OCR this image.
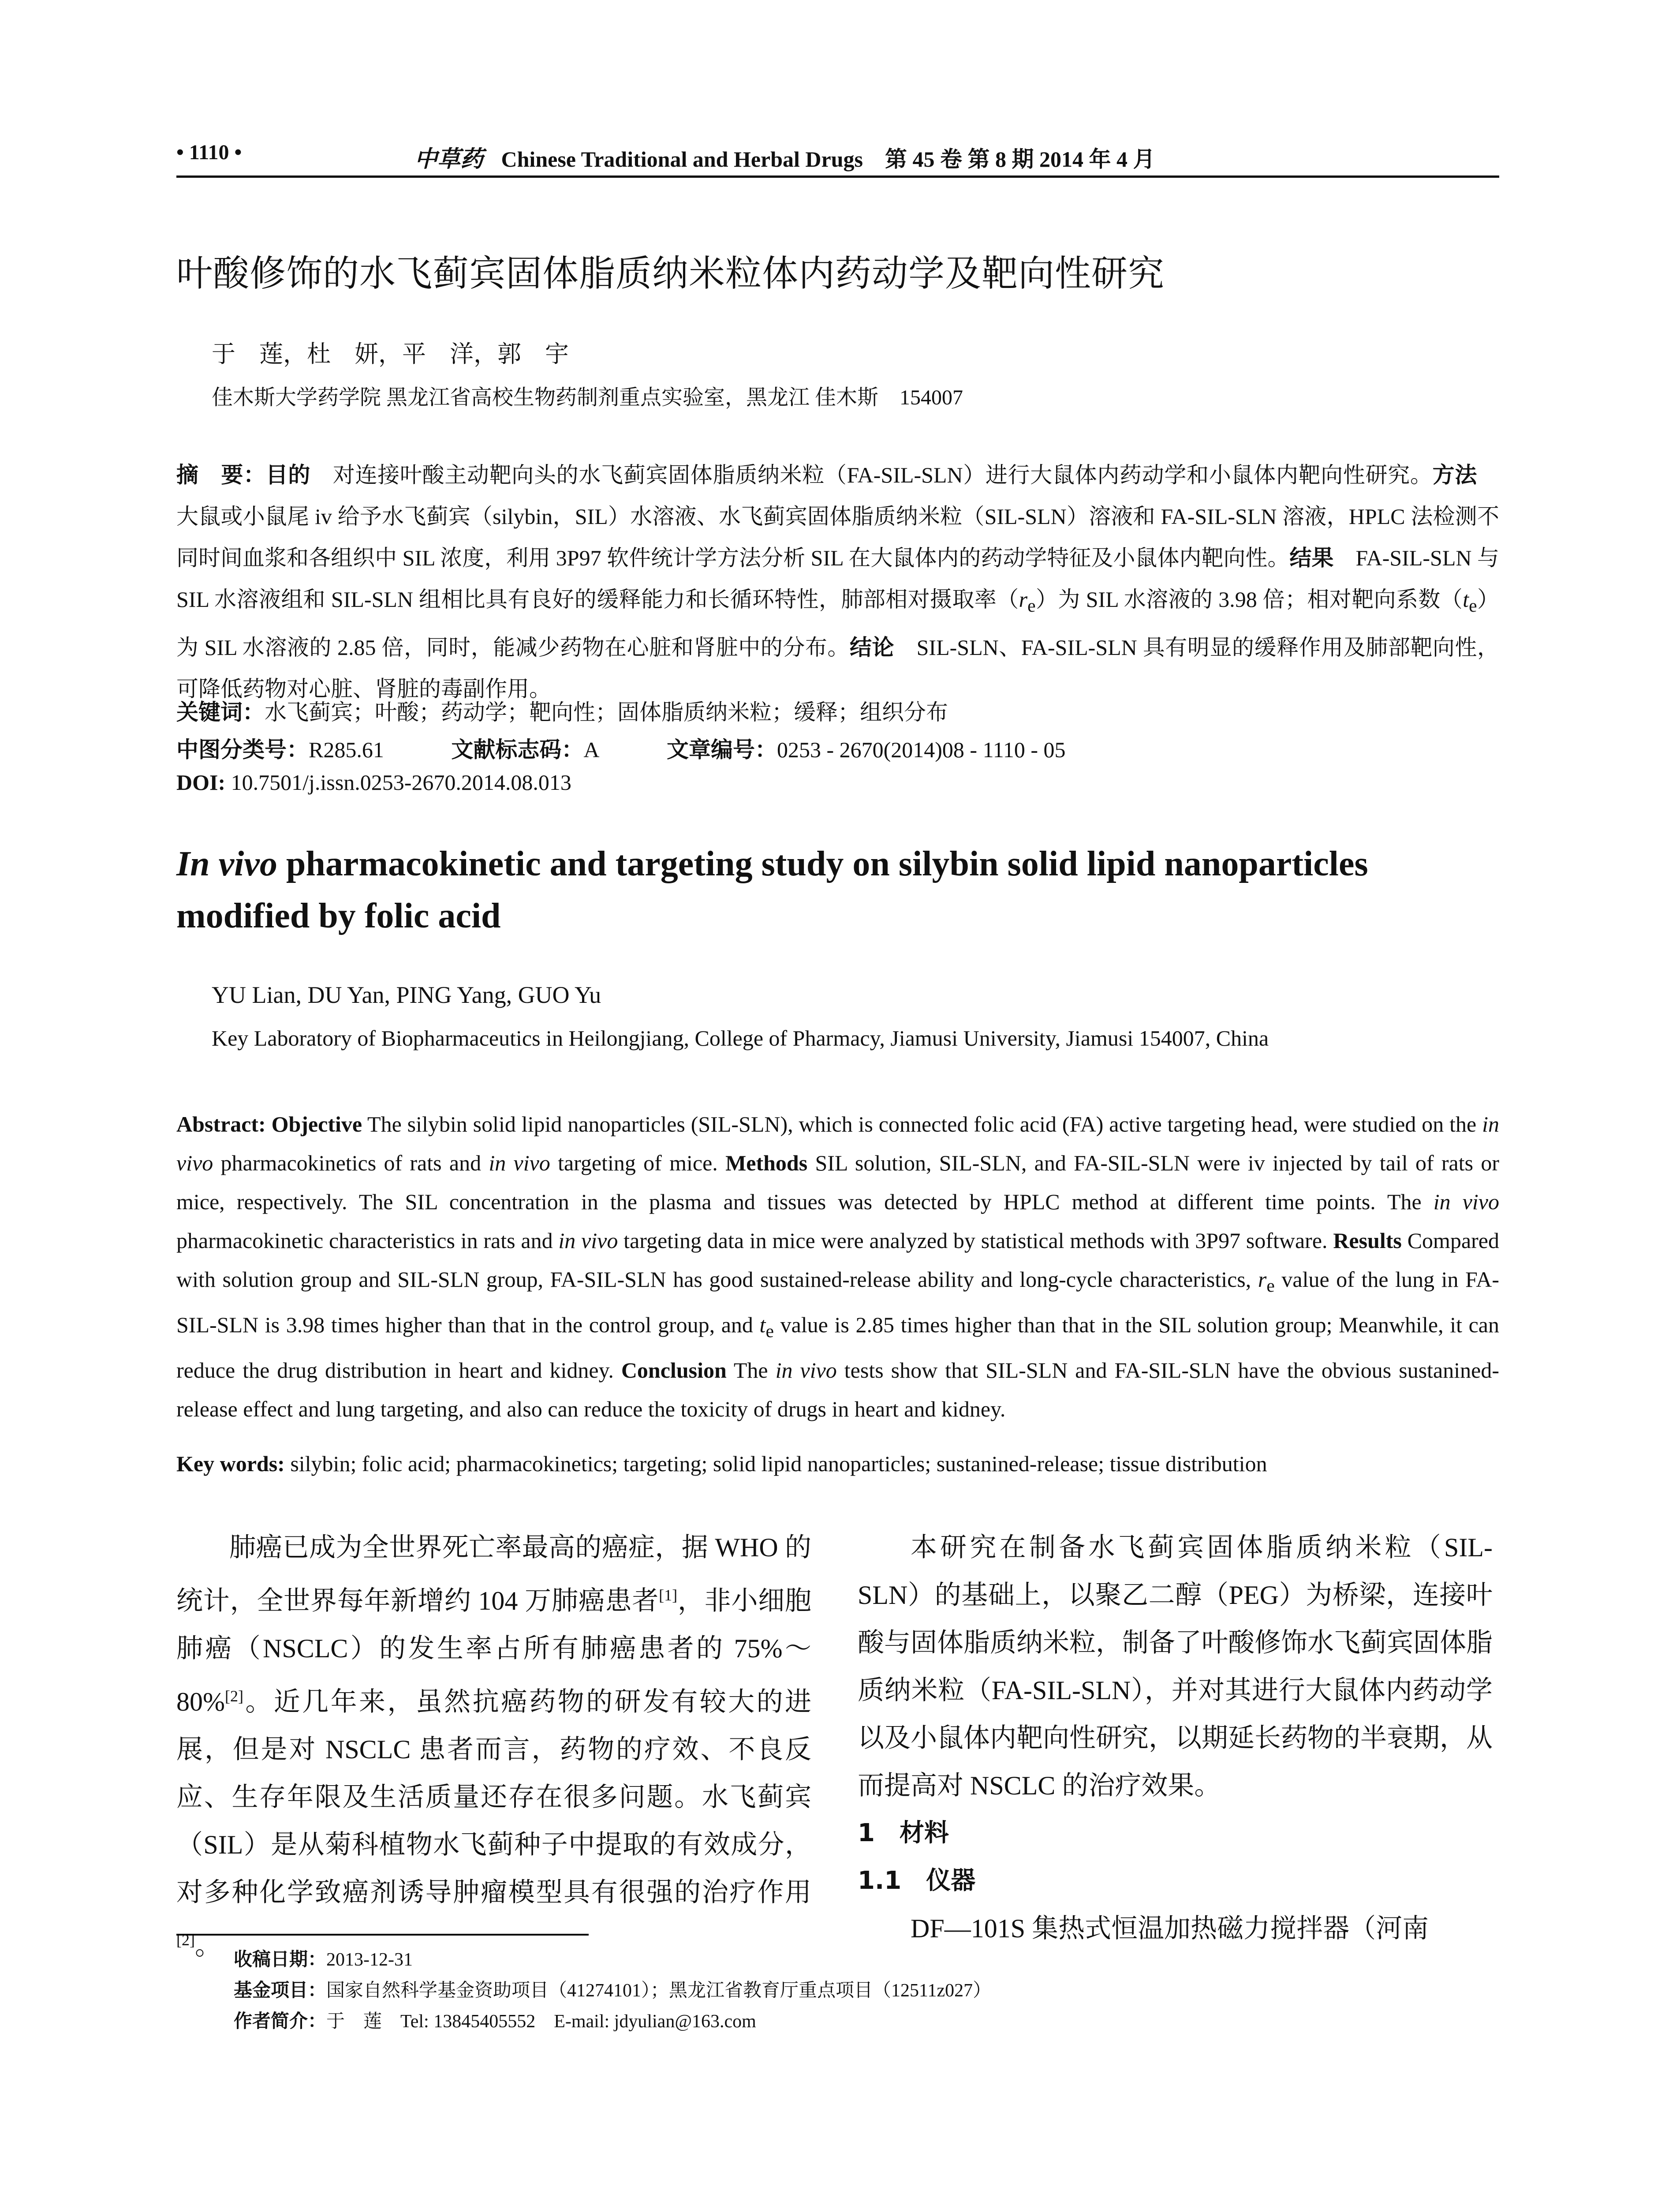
• 1110 •	中草药 Chinese Traditional and Herbal Drugs　第 45 卷 第 8 期 2014 年 4 月
叶酸修饰的水飞蓟宾固体脂质纳米粒体内药动学及靶向性研究
于　莲，杜　妍，平　洋，郭　宇
佳木斯大学药学院 黑龙江省高校生物药制剂重点实验室，黑龙江 佳木斯　154007
摘　要：目的　对连接叶酸主动靶向头的水飞蓟宾固体脂质纳米粒（FA-SIL-SLN）进行大鼠体内药动学和小鼠体内靶向性研究。方法　大鼠或小鼠尾 iv 给予水飞蓟宾（silybin，SIL）水溶液、水飞蓟宾固体脂质纳米粒（SIL-SLN）溶液和 FA-SIL-SLN 溶液，HPLC 法检测不同时间血浆和各组织中 SIL 浓度，利用 3P97 软件统计学方法分析 SIL 在大鼠体内的药动学特征及小鼠体内靶向性。结果　FA-SIL-SLN 与 SIL 水溶液组和 SIL-SLN 组相比具有良好的缓释能力和长循环特性，肺部相对摄取率$(r_e)$为 SIL 水溶液的 3.98 倍；相对靶向系数$(t_e)$为 SIL 水溶液的 2.85 倍，同时，能减少药物在心脏和肾脏中的分布。结论　SIL-SLN、FA-SIL-SLN 具有明显的缓释作用及肺部靶向性，可降低药物对心脏、肾脏的毒副作用。
关键词：水飞蓟宾；叶酸；药动学；靶向性；固体脂质纳米粒；缓释；组织分布
中图分类号：R285.61	文献标志码：A	文章编号：0253 - 2670(2014)08 - 1110 - 05
DOI: 10.7501/j.issn.0253-2670.2014.08.013
In vivo pharmacokinetic and targeting study on silybin solid lipid nanoparticles modified by folic acid
YU Lian, DU Yan, PING Yang, GUO Yu
Key Laboratory of Biopharmaceutics in Heilongjiang, College of Pharmacy, Jiamusi University, Jiamusi 154007, China
Abstract: Objective The silybin solid lipid nanoparticles (SIL-SLN), which is connected folic acid (FA) active targeting head, were studied on the in vivo pharmacokinetics of rats and in vivo targeting of mice. Methods SIL solution, SIL-SLN, and FA-SIL-SLN were iv injected by tail of rats or mice, respectively. The SIL concentration in the plasma and tissues was detected by HPLC method at different time points. The in vivo pharmacokinetic characteristics in rats and in vivo targeting data in mice were analyzed by statistical methods with 3P97 software. Results Compared with solution group and SIL-SLN group, FA-SIL-SLN has good sustained-release ability and long-cycle characteristics, $r_e$ value of the lung in FA-SIL-SLN is 3.98 times higher than that in the control group, and $t_e$ value is 2.85 times higher than that in the SIL solution group; Meanwhile, it can reduce the drug distribution in heart and kidney. Conclusion The in vivo tests show that SIL-SLN and FA-SIL-SLN have the obvious sustanined-release effect and lung targeting, and also can reduce the toxicity of drugs in heart and kidney.
Key words: silybin; folic acid; pharmacokinetics; targeting; solid lipid nanoparticles; sustanined-release; tissue distribution

肺癌已成为全世界死亡率最高的癌症，据 WHO 的统计，全世界每年新增约 104 万肺癌患者[1]，非小细胞肺癌（NSCLC）的发生率占所有肺癌患者的 75%～80%[2]。近几年来，虽然抗癌药物的研发有较大的进展，但是对 NSCLC 患者而言，药物的疗效、不良反应、生存年限及生活质量还存在很多问题。水飞蓟宾（SIL）是从菊科植物水飞蓟种子中提取的有效成分，对多种化学致癌剂诱导肿瘤模型具有很强的治疗作用[2]。

本研究在制备水飞蓟宾固体脂质纳米粒（SIL-SLN）的基础上，以聚乙二醇（PEG）为桥梁，连接叶酸与固体脂质纳米粒，制备了叶酸修饰水飞蓟宾固体脂质纳米粒（FA-SIL-SLN），并对其进行大鼠体内药动学以及小鼠体内靶向性研究，以期延长药物的半衰期，从而提高对 NSCLC 的治疗效果。

1　材料
1.1　仪器

DF—101S 集热式恒温加热磁力搅拌器（河南

收稿日期：2013-12-31
基金项目：国家自然科学基金资助项目（41274101）；黑龙江省教育厅重点项目（12511z027）
作者简介：于　莲　Tel: 13845405552　E-mail: jdyulian@163.com
